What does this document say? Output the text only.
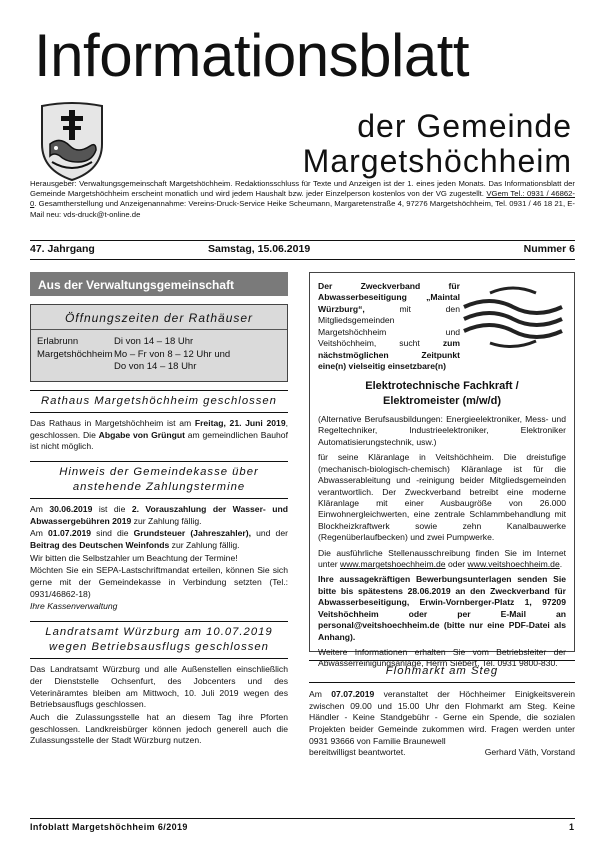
Informationsblatt
der Gemeinde
Margetshöchheim
Herausgeber: Verwaltungsgemeinschaft Margetshöchheim. Redaktionsschluss für Texte und Anzeigen ist der 1. eines jeden Monats. Das Informationsblatt der Gemeinde Margetshöchheim erscheint monatlich und wird jedem Haushalt bzw. jeder Einzelperson kostenlos von der VG zugestellt. VGem Tel.: 0931 / 46862-0. Gesamtherstellung und Anzeigenannahme: Vereins-Druck-Service Heike Scheumann, Margaretenstraße 4, 97276 Margetshöchheim, Tel. 0931 / 46 18 21, E-Mail neu: vds-druck@t-online.de
47. Jahrgang	Samstag, 15.06.2019	Nummer 6
Aus der Verwaltungsgemeinschaft
Öffnungszeiten der Rathäuser
Erlabrunn	Di von 14 – 18 Uhr
Margetshöchheim Mo – Fr von 8 – 12 Uhr und
Do von 14 – 18 Uhr
Rathaus Margetshöchheim geschlossen

Das Rathaus in Margetshöchheim ist am Freitag, 21. Juni 2019, geschlossen. Die Abgabe von Grüngut am gemeindlichen Bauhof ist nicht möglich.

Hinweis der Gemeindekasse über anstehende Zahlungstermine

Am 30.06.2019 ist die 2. Vorauszahlung der Wasser- und Abwassergebühren 2019 zur Zahlung fällig.

Am 01.07.2019 sind die Grundsteuer (Jahreszahler), und der Beitrag des Deutschen Weinfonds zur Zahlung fällig.

Wir bitten die Selbstzahler um Beachtung der Termine!

Möchten Sie ein SEPA-Lastschriftmandat erteilen, können Sie sich gerne mit der Gemeindekasse in Verbindung setzten (Tel.: 0931/46862-18)

Ihre Kassenverwaltung

Landratsamt Würzburg am 10.07.2019 wegen Betriebsausflugs geschlossen

Das Landratsamt Würzburg und alle Außenstellen einschließlich der Dienststelle Ochsenfurt, des Jobcenters und des Veterinäramtes bleiben am Mittwoch, 10. Juli 2019 wegen des Betriebsausflugs geschlossen.

Auch die Zulassungsstelle hat an diesem Tag ihre Pforten geschlossen. Landkreisbürger können jedoch generell auch die Zulassungsstelle der Stadt Würzburg nutzen.

Der Zweckverband für Abwasserbeseitigung „Maintal Würzburg“, mit den Mitgliedsgemeinden Margetshöchheim und Veitshöchheim, sucht zum nächstmöglichen Zeitpunkt eine(n) vielseitig einsetzbare(n)
Elektrotechnische Fachkraft /
Elektromeister (m/w/d)

(Alternative Berufsausbildungen: Energieelektroniker, Mess- und Regeltechniker, Industrieelektroniker, Elektroniker Automatisierungstechnik, usw.)

für seine Kläranlage in Veitshöchheim. Die dreistufige (mechanisch-biologisch-chemisch) Kläranlage ist für die Abwasserableitung und -reinigung beider Mitgliedsgemeinden verantwortlich. Der Zweckverband betreibt eine moderne Kläranlage mit einer Ausbaugröße von 26.000 Einwohnergleichwerten, eine zentrale Schlammbehandlung mit Blockheizkraftwerk sowie zehn Kanalbauwerke (Regenüberlaufbecken) und zwei Pumpwerke.

Die ausführliche Stellenausschreibung finden Sie im Internet unter www.margetshoechheim.de oder www.veitshoechheim.de.

Ihre aussagekräftigen Bewerbungsunterlagen senden Sie bitte bis spätestens 28.06.2019 an den Zweckverband für Abwasserbeseitigung, Erwin-Vornberger-Platz 1, 97209 Veitshöchheim oder per E-Mail an personal@veitshoechheim.de (bitte nur eine PDF-Datei als Anhang).

Weitere Informationen erhalten Sie vom Betriebsleiter der Abwasserreinigungsanlage, Herrn Siebert, Tel. 0931 9800-830.

Flohmarkt am Steg
Am 07.07.2019 veranstaltet der Höchheimer Einigkeitsverein zwischen 09.00 und 15.00 Uhr den Flohmarkt am Steg. Keine Händler - Keine Standgebühr - Gerne ein Spende, die sozialen Projekten beider Gemeinde zukommen wird. Fragen werden unter 0931 93666 von Familie Braunewell
bereitwilligst beantwortet.	Gerhard Väth, Vorstand
Infoblatt Margetshöchheim 6/2019	1
